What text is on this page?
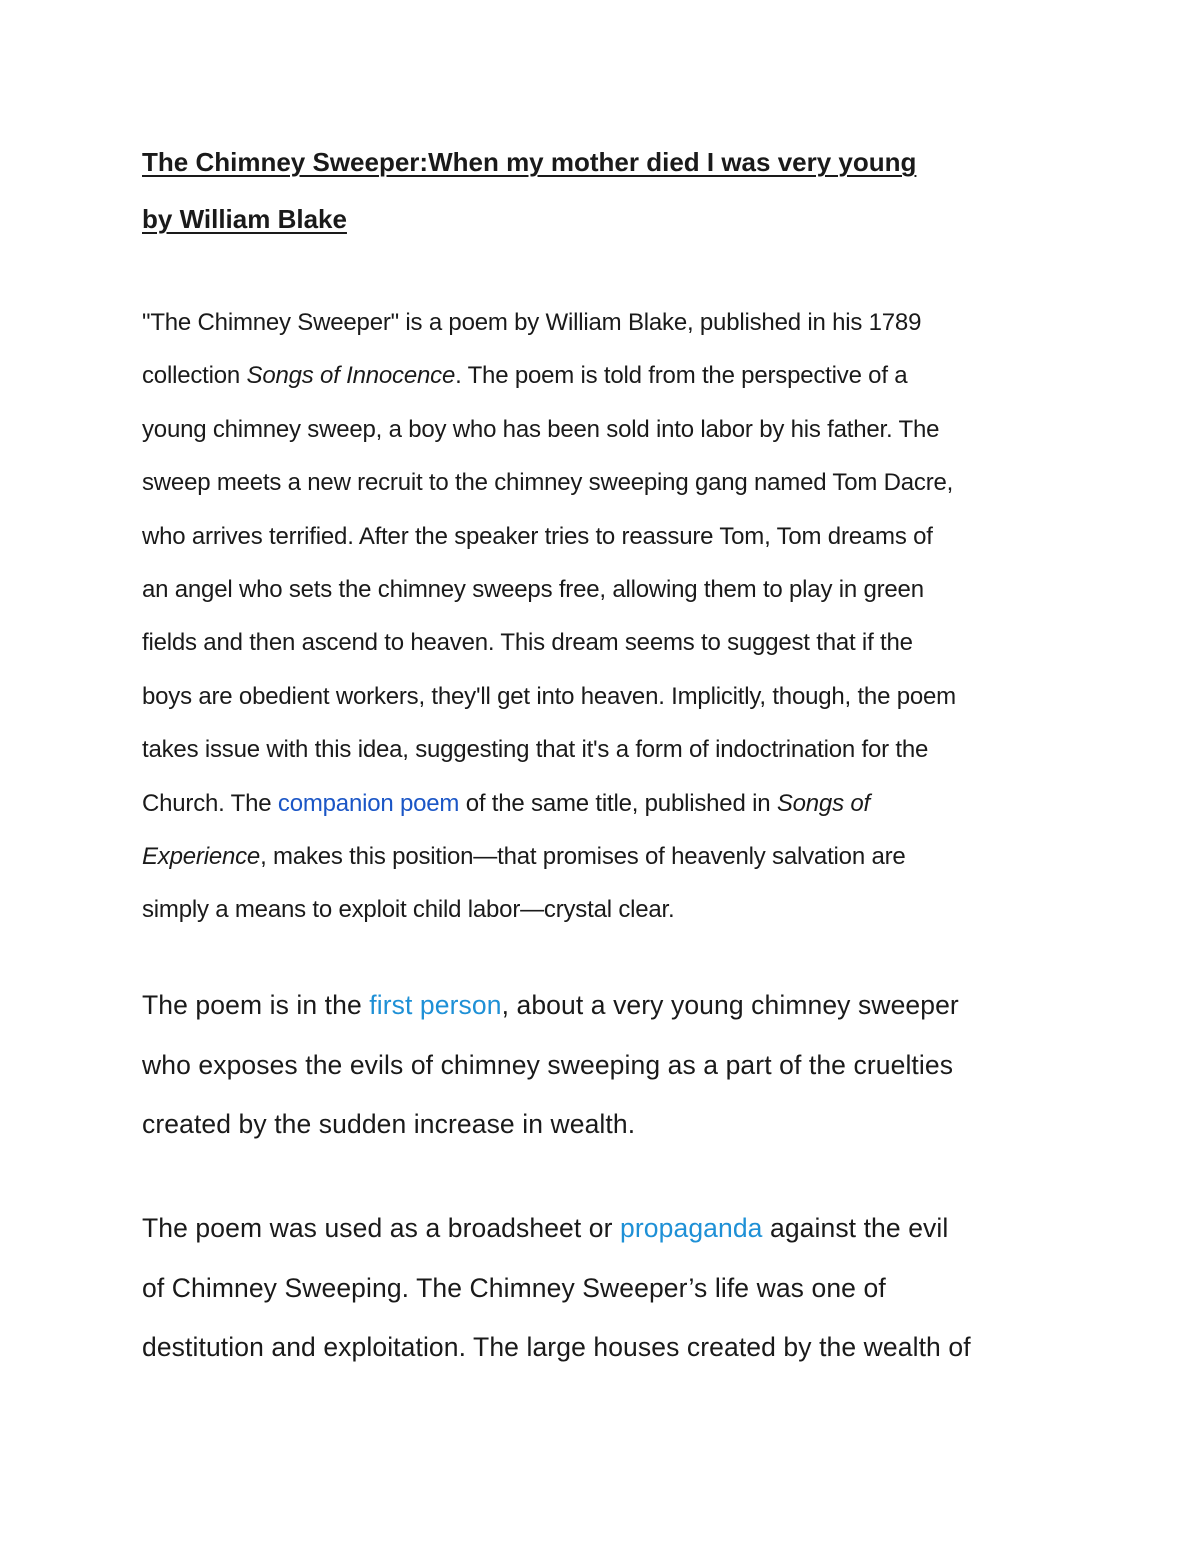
The Chimney Sweeper:When my mother died I was very young
by William Blake
"The Chimney Sweeper" is a poem by William Blake, published in his 1789
collection Songs of Innocence. The poem is told from the perspective of a
young chimney sweep, a boy who has been sold into labor by his father. The
sweep meets a new recruit to the chimney sweeping gang named Tom Dacre,
who arrives terrified. After the speaker tries to reassure Tom, Tom dreams of
an angel who sets the chimney sweeps free, allowing them to play in green
fields and then ascend to heaven. This dream seems to suggest that if the
boys are obedient workers, they'll get into heaven. Implicitly, though, the poem
takes issue with this idea, suggesting that it's a form of indoctrination for the
Church. The companion poem of the same title, published in Songs of
Experience, makes this position—that promises of heavenly salvation are
simply a means to exploit child labor—crystal clear.
The poem is in the first person, about a very young chimney sweeper
who exposes the evils of chimney sweeping as a part of the cruelties
created by the sudden increase in wealth.
The poem was used as a broadsheet or propaganda against the evil
of Chimney Sweeping. The Chimney Sweeper’s life was one of
destitution and exploitation. The large houses created by the wealth of
